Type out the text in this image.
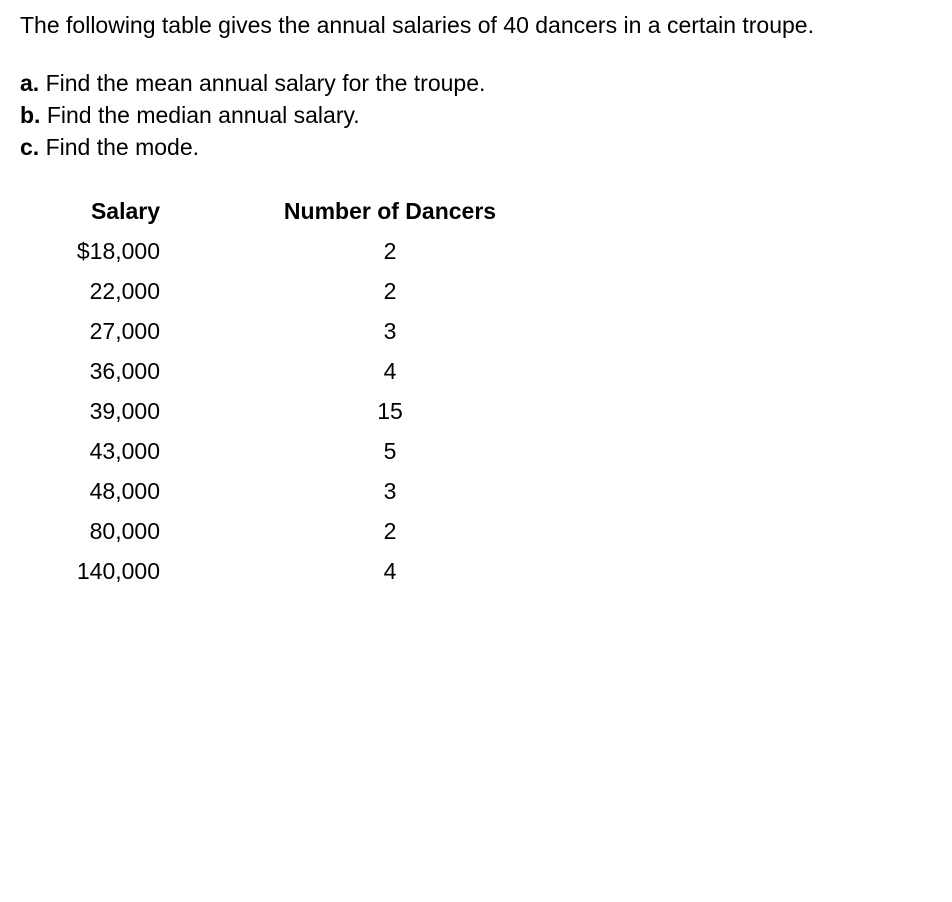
The following table gives the annual salaries of 40 dancers in a certain troupe.
a. Find the mean annual salary for the troupe.
b. Find the median annual salary.
c. Find the mode.
Salary	Number of Dancers
$18,000	2
22,000	2
27,000	3
36,000	4
39,000	15
43,000	5
48,000	3
80,000	2
140,000	4
